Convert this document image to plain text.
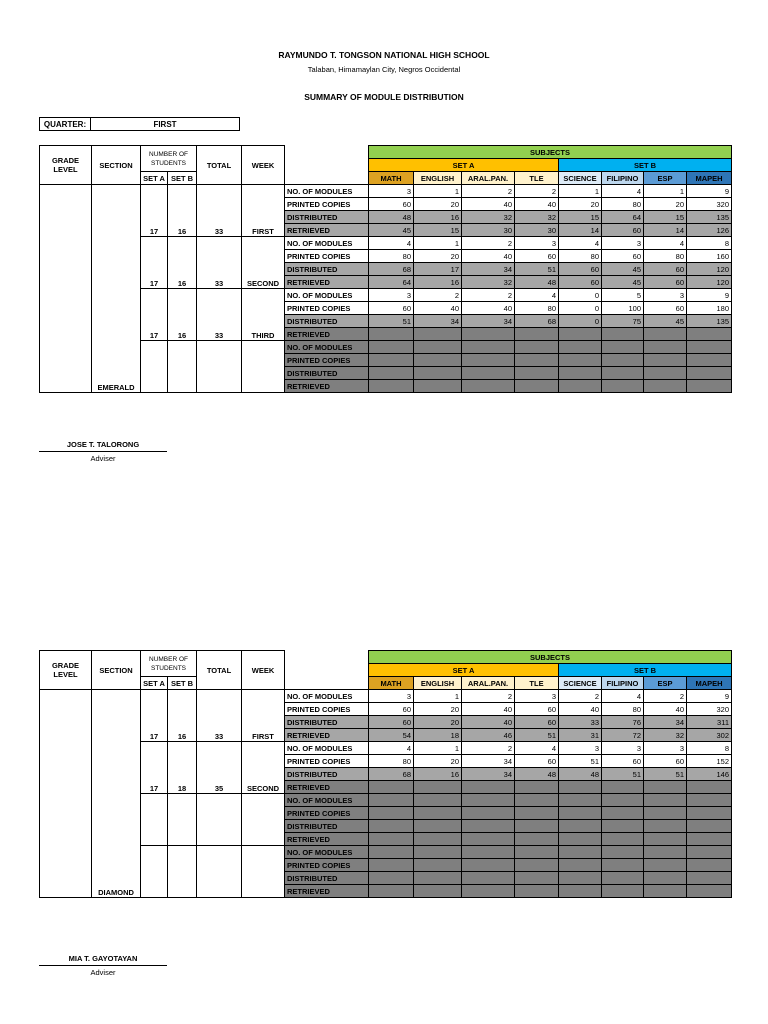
RAYMUNDO T. TONGSON NATIONAL HIGH SCHOOL
Talaban, Himamaylan City, Negros Occidental
SUMMARY OF MODULE DISTRIBUTION
QUARTER:	FIRST
GRADE LEVEL	SECTION	NUMBER OF STUDENTS		TOTAL	WEEK		SUBJECTS							
							SET A				SET B			
		SET A	SET B				MATH	ENGLISH	ARAL.PAN.	TLE	SCIENCE	FILIPINO	ESP	MAPEH
	EMERALD	17	16	33	FIRST	NO. OF MODULES	3	1	2	2	1	4	1	9
						PRINTED COPIES	60	20	40	40	20	80	20	320
						DISTRIBUTED	48	16	32	32	15	64	15	135
						RETRIEVED	45	15	30	30	14	60	14	126
		17	16	33	SECOND	NO. OF MODULES	4	1	2	3	4	3	4	8
						PRINTED COPIES	80	20	40	60	80	60	80	160
						DISTRIBUTED	68	17	34	51	60	45	60	120
						RETRIEVED	64	16	32	48	60	45	60	120
		17	16	33	THIRD	NO. OF MODULES	3	2	2	4	0	5	3	9
						PRINTED COPIES	60	40	40	80	0	100	60	180
						DISTRIBUTED	51	34	34	68	0	75	45	135
						RETRIEVED								
						NO. OF MODULES								
						PRINTED COPIES								
						DISTRIBUTED								
						RETRIEVED								
JOSE T. TALORONG
Adviser
GRADE LEVEL	SECTION	NUMBER OF STUDENTS		TOTAL	WEEK		SUBJECTS							
							SET A				SET B			
		SET A	SET B				MATH	ENGLISH	ARAL.PAN.	TLE	SCIENCE	FILIPINO	ESP	MAPEH
	DIAMOND	17	16	33	FIRST	NO. OF MODULES	3	1	2	3	2	4	2	9
						PRINTED COPIES	60	20	40	60	40	80	40	320
						DISTRIBUTED	60	20	40	60	33	76	34	311
						RETRIEVED	54	18	46	51	31	72	32	302
		17	18	35	SECOND	NO. OF MODULES	4	1	2	4	3	3	3	8
						PRINTED COPIES	80	20	34	60	51	60	60	152
						DISTRIBUTED	68	16	34	48	48	51	51	146
						RETRIEVED								
						NO. OF MODULES								
						PRINTED COPIES								
						DISTRIBUTED								
						RETRIEVED								
						NO. OF MODULES								
						PRINTED COPIES								
						DISTRIBUTED								
						RETRIEVED								
MIA T. GAYOTAYAN
Adviser
